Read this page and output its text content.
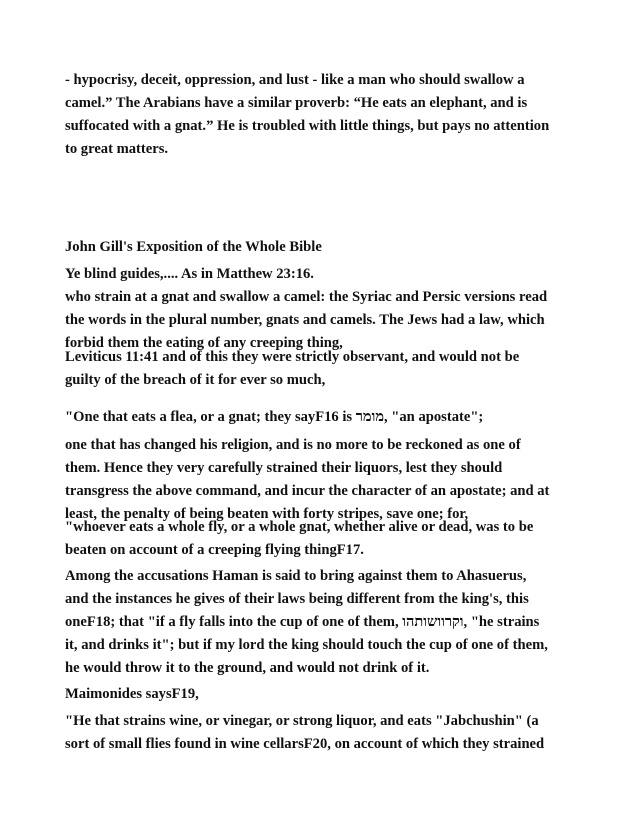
- hypocrisy, deceit, oppression, and lust - like a man who should swallow a
camel.” The Arabians have a similar proverb: “He eats an elephant, and is
suffocated with a gnat.” He is troubled with little things, but pays no attention
to great matters.
John Gill's Exposition of the Whole Bible
Ye blind guides,.... As in Matthew 23:16.
who strain at a gnat and swallow a camel: the Syriac and Persic versions read
the words in the plural number, gnats and camels. The Jews had a law, which
forbid them the eating of any creeping thing,
Leviticus 11:41 and of this they were strictly observant, and would not be
guilty of the breach of it for ever so much,
"One that eats a flea, or a gnat; they sayF16 is מומר, "an apostate";
one that has changed his religion, and is no more to be reckoned as one of
them. Hence they very carefully strained their liquors, lest they should
transgress the above command, and incur the character of an apostate; and at
least, the penalty of being beaten with forty stripes, save one; for,
"whoever eats a whole fly, or a whole gnat, whether alive or dead, was to be
beaten on account of a creeping flying thingF17.
Among the accusations Haman is said to bring against them to Ahasuerus,
and the instances he gives of their laws being different from the king's, this
oneF18; that "if a fly falls into the cup of one of them, וקרוושותהו, "he strains
it, and drinks it"; but if my lord the king should touch the cup of one of them,
he would throw it to the ground, and would not drink of it.
Maimonides saysF19,
"He that strains wine, or vinegar, or strong liquor, and eats "Jabchushin" (a
sort of small flies found in wine cellarsF20, on account of which they strained
